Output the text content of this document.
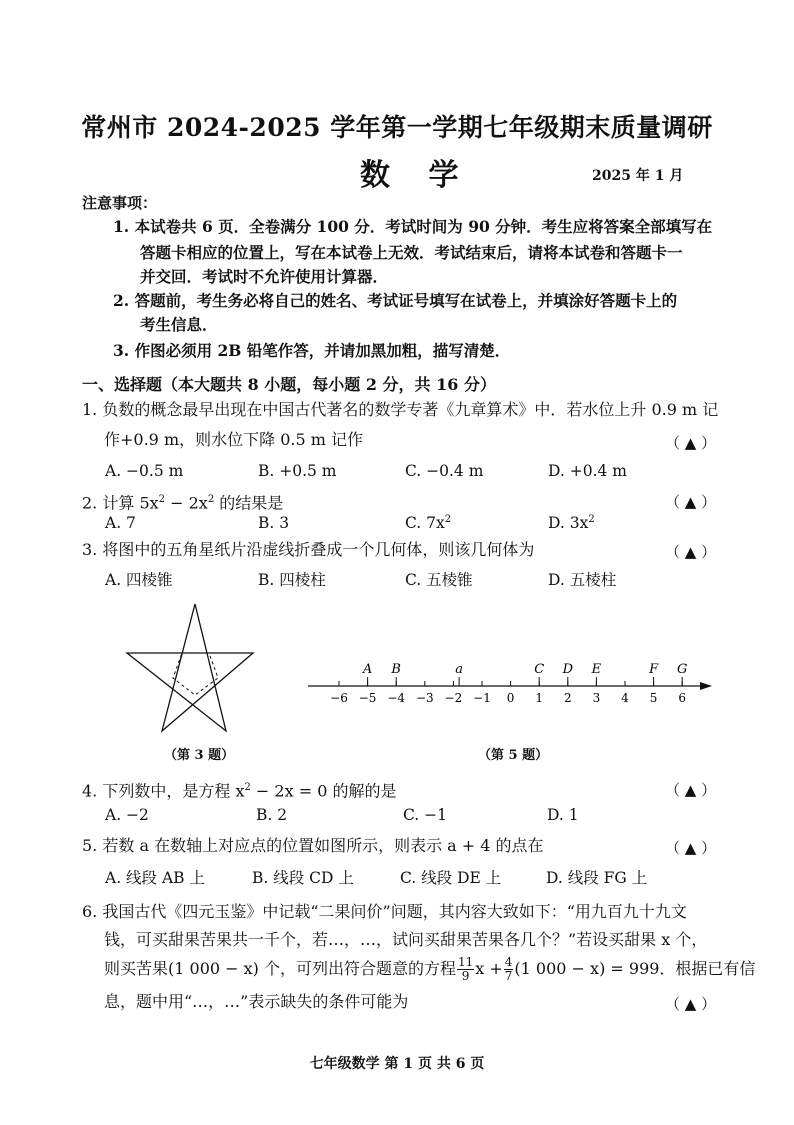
常州市 2024-2025 学年第一学期七年级期末质量调研
数 学	2025 年 1 月
注意事项：
1. 本试卷共 6 页．全卷满分 100 分．考试时间为 90 分钟．考生应将答案全部填写在
答题卡相应的位置上，写在本试卷上无效．考试结束后，请将本试卷和答题卡一
并交回．考试时不允许使用计算器．
2. 答题前，考生务必将自己的姓名、考试证号填写在试卷上，并填涂好答题卡上的
考生信息．
3. 作图必须用 2B 铅笔作答，并请加黑加粗，描写清楚．
一、选择题（本大题共 8 小题，每小题 2 分，共 16 分）
1. 负数的概念最早出现在中国古代著名的数学专著《九章算术》中．若水位上升 0.9 m 记
作+0.9 m，则水位下降 0.5 m 记作	（ ▲ ）
A. −0.5 m	B. +0.5 m	C. −0.4 m	D. +0.4 m
2. 计算 $5x^2 - 2x^2$ 的结果是	（ ▲ ）
A. 7	B. 3	C. $7x^2$	D. $3x^2$
3. 将图中的五角星纸片沿虚线折叠成一个几何体，则该几何体为	（ ▲ ）
A. 四棱锥	B. 四棱柱	C. 五棱锥	D. 五棱柱
（第 3 题）
−6 −5 −4 −3 −2 −1 0 1 2 3 4 5 6
A B	a	C D E	F G
（第 5 题）
4. 下列数中，是方程 $x^2 - 2x = 0$ 的解的是	（ ▲ ）
A. −2	B. 2	C. −1	D. 1
5. 若数 a 在数轴上对应点的位置如图所示，则表示 a + 4 的点在	（ ▲ ）
A. 线段 AB 上	B. 线段 CD 上	C. 线段 DE 上	D. 线段 FG 上
6. 我国古代《四元玉鉴》中记载“二果问价”问题，其内容大致如下：“用九百九十九文
钱，可买甜果苦果共一千个，若…，…，试问买甜果苦果各几个？”若设买甜果 x 个，
则买苦果(1 000 − x) 个，可列出符合题意的方程 $\frac{11}{9}$ $x + \frac{4}{7} (1$ 000 − x) = 999．根据已有信
息，题中用“…，…”表示缺失的条件可能为	（ ▲ ）
七年级数学 第 1 页 共 6 页
